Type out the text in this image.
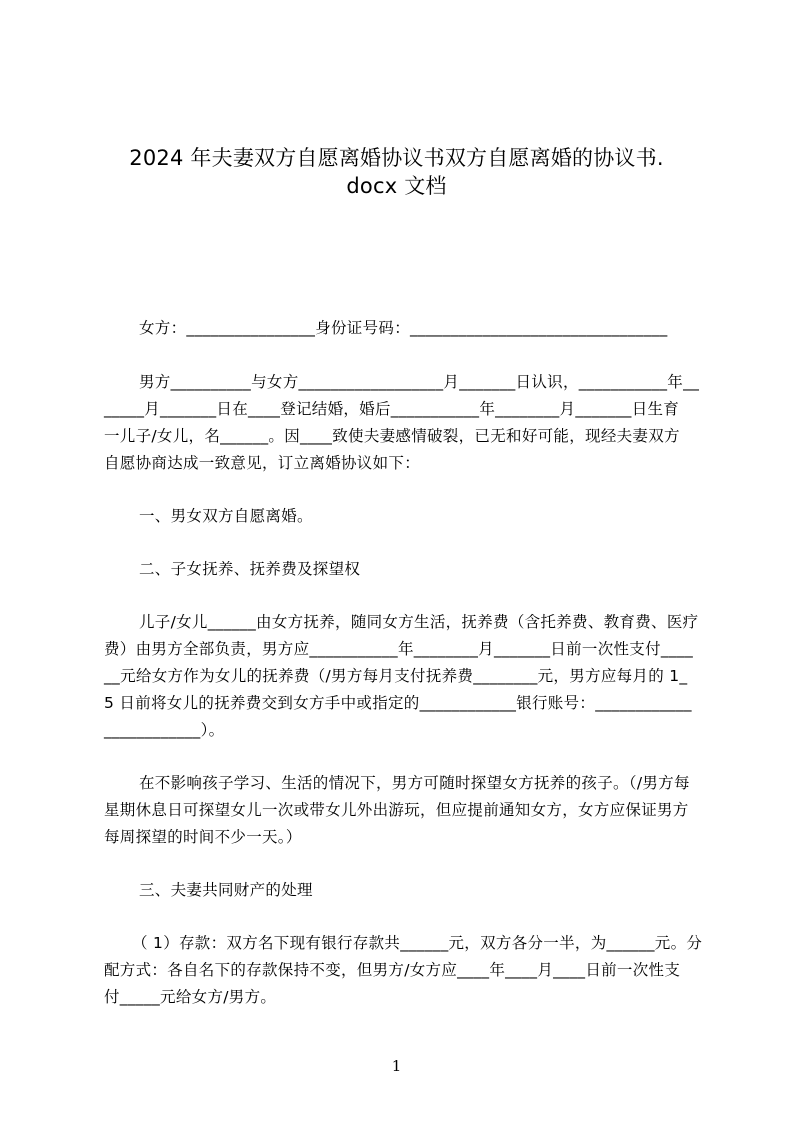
2024 年夫妻双方自愿离婚协议书双方自愿离婚的协议书.
docx 文档
女方：________________身份证号码：________________________________
男方__________与女方__________________月_______日认识，___________年__
_____月_______日在____登记结婚，婚后___________年________月_______日生育
一儿子/女儿，名______。因____致使夫妻感情破裂，已无和好可能，现经夫妻双方
自愿协商达成一致意见，订立离婚协议如下：
一、男女双方自愿离婚。
二、子女抚养、抚养费及探望权
儿子/女儿______由女方抚养，随同女方生活，抚养费（含托养费、教育费、医疗
费）由男方全部负责，男方应___________年________月_______日前一次性支付____
__元给女方作为女儿的抚养费（/男方每月支付抚养费________元，男方应每月的 1_
5 日前将女儿的抚养费交到女方手中或指定的____________银行账号：____________
____________）。
在不影响孩子学习、生活的情况下，男方可随时探望女方抚养的孩子。（/男方每
星期休息日可探望女儿一次或带女儿外出游玩，但应提前通知女方，女方应保证男方
每周探望的时间不少一天。）
三、夫妻共同财产的处理
（ 1）存款：双方名下现有银行存款共______元，双方各分一半，为______元。分
配方式：各自名下的存款保持不变，但男方/女方应____年____月____日前一次性支
付_____元给女方/男方。
1
